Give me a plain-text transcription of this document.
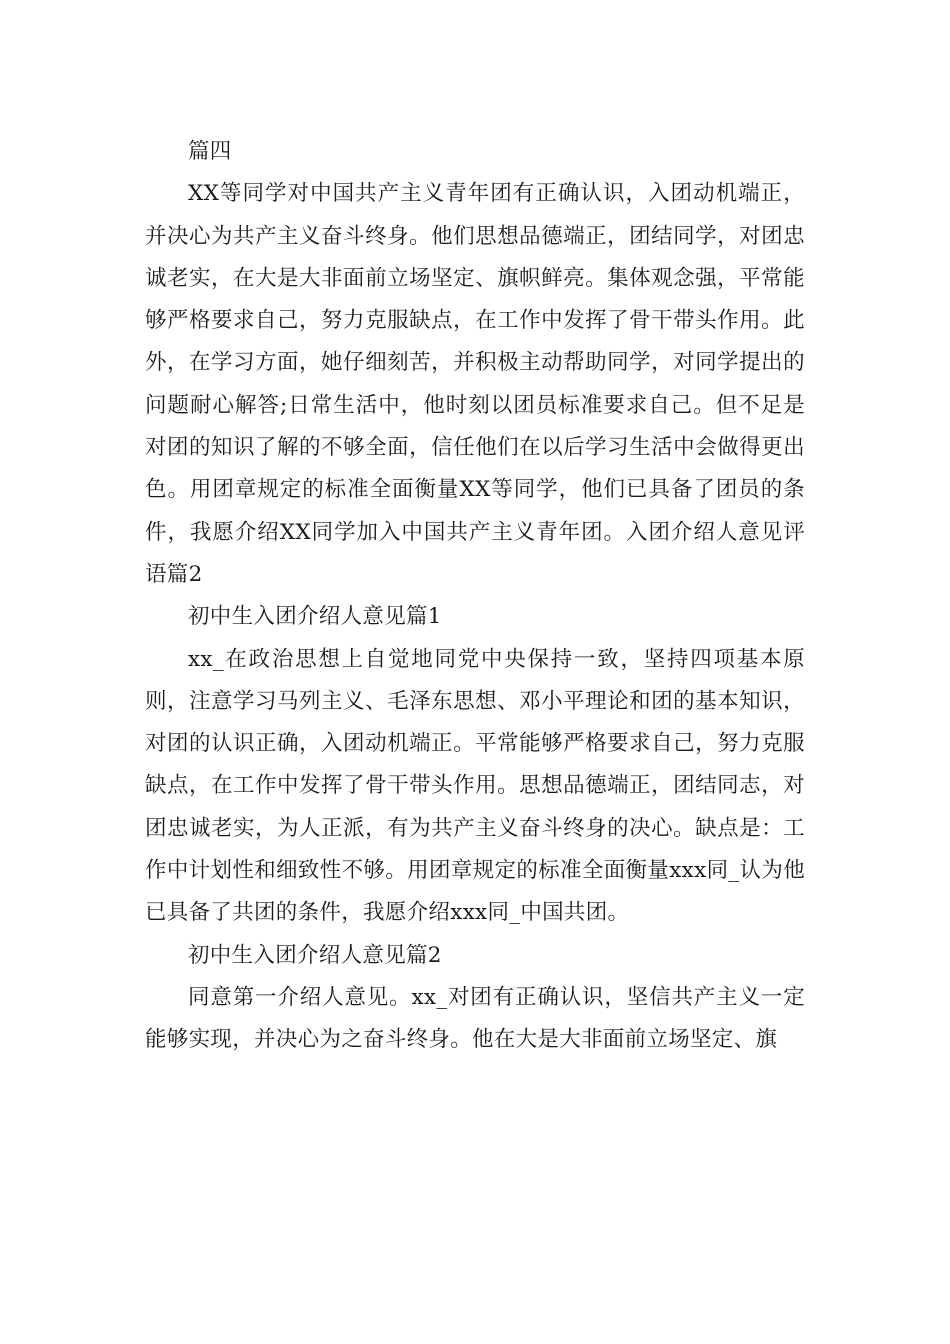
篇四

XX等同学对中国共产主义青年团有正确认识，入团动机端正，并决心为共产主义奋斗终身。他们思想品德端正，团结同学，对团忠诚老实，在大是大非面前立场坚定、旗帜鲜亮。集体观念强，平常能够严格要求自己，努力克服缺点，在工作中发挥了骨干带头作用。此外，在学习方面，她仔细刻苦，并积极主动帮助同学，对同学提出的问题耐心解答;日常生活中，他时刻以团员标准要求自己。但不足是对团的知识了解的不够全面，信任他们在以后学习生活中会做得更出色。用团章规定的标准全面衡量XX等同学，他们已具备了团员的条件，我愿介绍XX同学加入中国共产主义青年团。入团介绍人意见评语篇2

初中生入团介绍人意见篇1

xx_在政治思想上自觉地同党中央保持一致，坚持四项基本原则，注意学习马列主义、毛泽东思想、邓小平理论和团的基本知识，对团的认识正确，入团动机端正。平常能够严格要求自己，努力克服缺点，在工作中发挥了骨干带头作用。思想品德端正，团结同志，对团忠诚老实，为人正派，有为共产主义奋斗终身的决心。缺点是：工作中计划性和细致性不够。用团章规定的标准全面衡量xxx同_认为他已具备了共团的条件，我愿介绍xxx同_中国共团。

初中生入团介绍人意见篇2

同意第一介绍人意见。xx_对团有正确认识，坚信共产主义一定能够实现，并决心为之奋斗终身。他在大是大非面前立场坚定、旗
